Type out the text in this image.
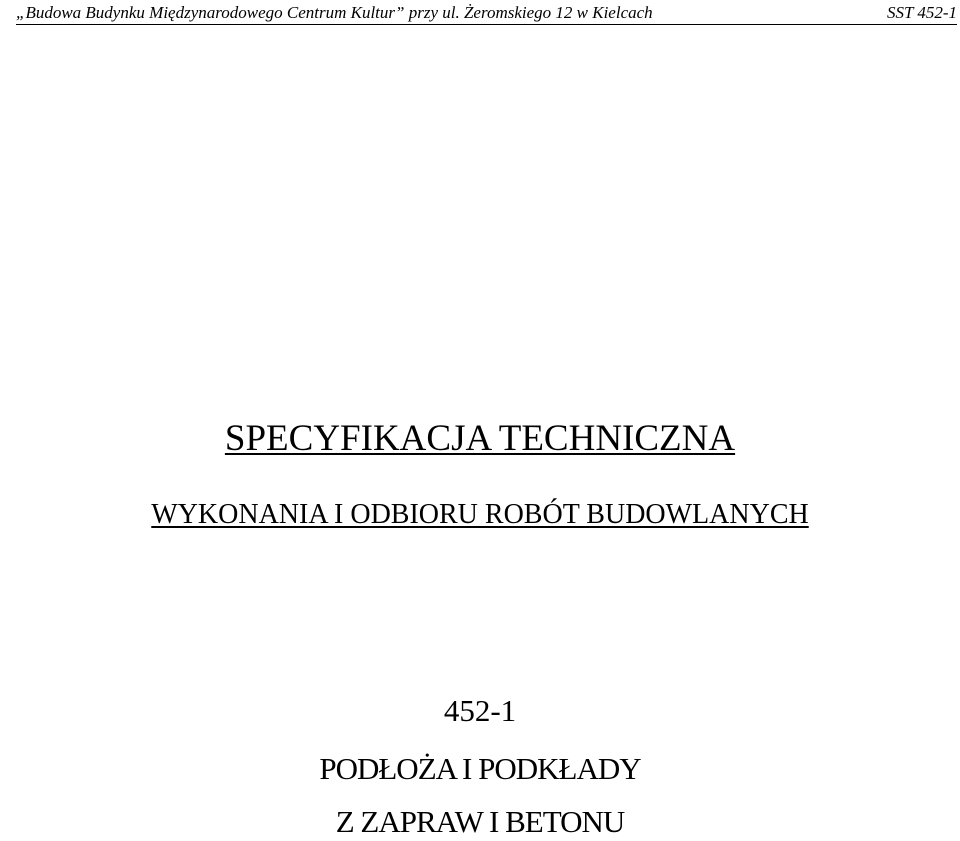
„Budowa Budynku Międzynarodowego Centrum Kultur” przy ul. Żeromskiego 12 w Kielcach	SST 452-1
SPECYFIKACJA TECHNICZNA
WYKONANIA I ODBIORU ROBÓT BUDOWLANYCH
452-1
PODŁOŻA I PODKŁADY
Z ZAPRAW I BETONU
